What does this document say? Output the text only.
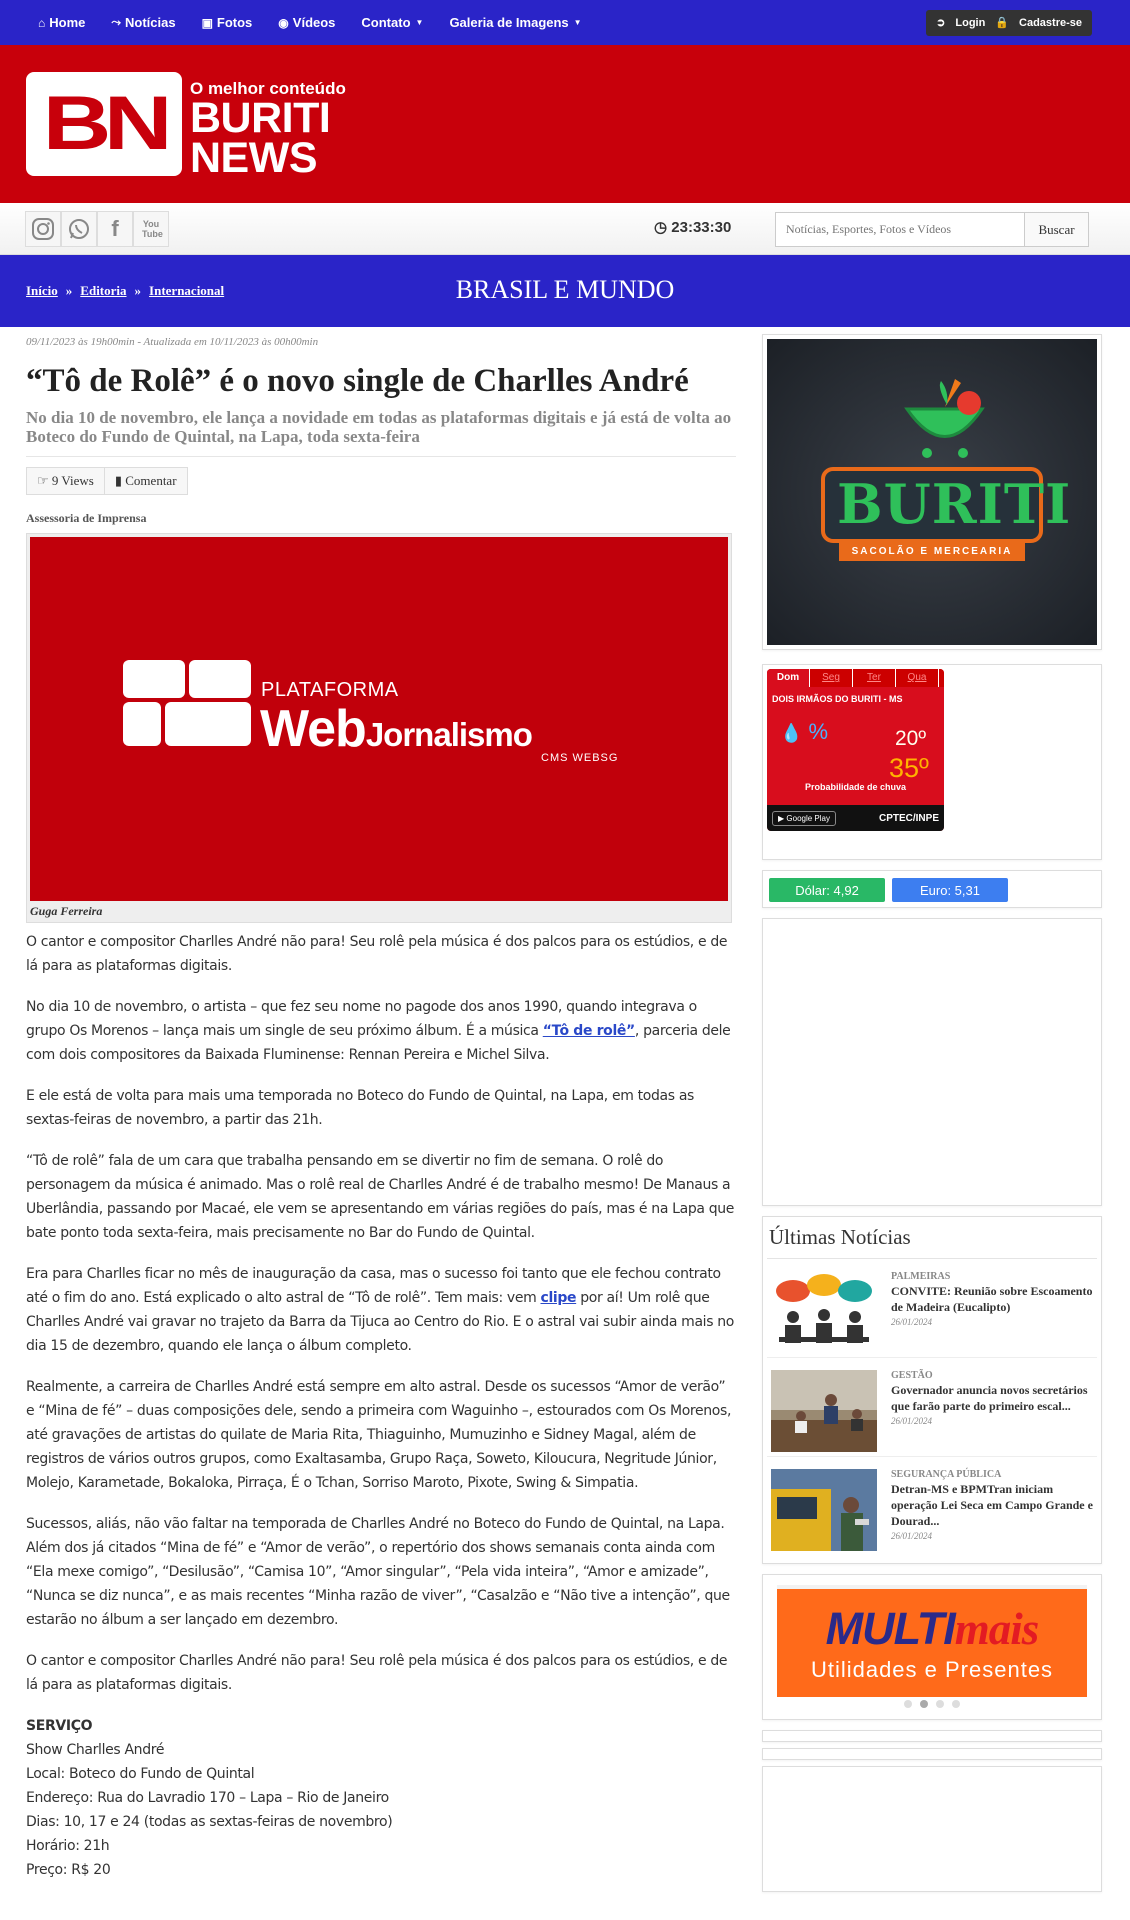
⌂ Home ⤳ Notícias ▣ Fotos ◉ Vídeos Contato ▼ Galeria de Imagens ▼	➲ Login 🔒 Cadastre-se
BN O melhor conteúdo
BURITI
NEWS
f	You Tube	◷ 23:33:30
Notícias, Esportes, Fotos e Vídeos	Buscar
Início » Editoria » Internacional	BRASIL E MUNDO
09/11/2023 às 19h00min - Atualizada em 10/11/2023 às 00h00min
“Tô de Rolê” é o novo single de Charlles André
No dia 10 de novembro, ele lança a novidade em todas as plataformas digitais e já está de volta ao Boteco do Fundo de Quintal, na Lapa, toda sexta-feira
☞
9 Views ▮
Comentar
Assessoria de Imprensa
PLATAFORMA
WebJornalismo
CMS WEBSG
Guga Ferreira

O cantor e compositor Charlles André não para! Seu rolê pela música é dos palcos para os estúdios, e de lá para as plataformas digitais.

No dia 10 de novembro, o artista – que fez seu nome no pagode dos anos 1990, quando integrava o grupo Os Morenos – lança mais um single de seu próximo álbum. É a música “Tô de rolê”, parceria dele com dois compositores da Baixada Fluminense: Rennan Pereira e Michel Silva.

E ele está de volta para mais uma temporada no Boteco do Fundo de Quintal, na Lapa, em todas as sextas-feiras de novembro, a partir das 21h.

“Tô de rolê” fala de um cara que trabalha pensando em se divertir no fim de semana. O rolê do personagem da música é animado. Mas o rolê real de Charlles André é de trabalho mesmo! De Manaus a Uberlândia, passando por Macaé, ele vem se apresentando em várias regiões do país, mas é na Lapa que bate ponto toda sexta-feira, mais precisamente no Bar do Fundo de Quintal.

Era para Charlles ficar no mês de inauguração da casa, mas o sucesso foi tanto que ele fechou contrato até o fim do ano. Está explicado o alto astral de “Tô de rolê”. Tem mais: vem clipe por aí! Um rolê que Charlles André vai gravar no trajeto da Barra da Tijuca ao Centro do Rio. E o astral vai subir ainda mais no dia 15 de dezembro, quando ele lança o álbum completo.

Realmente, a carreira de Charlles André está sempre em alto astral. Desde os sucessos “Amor de verão” e “Mina de fé” – duas composições dele, sendo a primeira com Waguinho –, estourados com Os Morenos, até gravações de artistas do quilate de Maria Rita, Thiaguinho, Mumuzinho e Sidney Magal, além de registros de vários outros grupos, como Exaltasamba, Grupo Raça, Soweto, Kiloucura, Negritude Júnior, Molejo, Karametade, Bokaloka, Pirraça, É o Tchan, Sorriso Maroto, Pixote, Swing & Simpatia.

Sucessos, aliás, não vão faltar na temporada de Charlles André no Boteco do Fundo de Quintal, na Lapa. Além dos já citados “Mina de fé” e “Amor de verão”, o repertório dos shows semanais conta ainda com “Ela mexe comigo”, “Desilusão”, “Camisa 10”, “Amor singular”, “Pela vida inteira”, “Amor e amizade”, “Nunca se diz nunca”, e as mais recentes “Minha razão de viver”, “Casalzão e “Não tive a intenção”, que estarão no álbum a ser lançado em dezembro.

O cantor e compositor Charlles André não para! Seu rolê pela música é dos palcos para os estúdios, e de lá para as plataformas digitais.

SERVIÇO
Show Charlles André
Local: Boteco do Fundo de Quintal
Endereço: Rua do Lavradio 170 – Lapa – Rio de Janeiro
Dias: 10, 17 e 24 (todas as sextas-feiras de novembro)
Horário: 21h
Preço: R$ 20
BURITI
SACOLÃO E MERCEARIA
Dom	Seg	Ter	Qua
DOIS IRMÃOS DO BURITI - MS
💧 %	20º
35º
Probabilidade de chuva
▶ Google Play	CPTEC/INPE
Dólar: 4,92	Euro: 5,31
Últimas Notícias
PALMEIRAS
CONVITE: Reunião sobre Escoamento de Madeira (Eucalipto)
26/01/2024
GESTÃO
Governador anuncia novos secretários que farão parte do primeiro escal...
26/01/2024
SEGURANÇA PÚBLICA
Detran-MS e BPMTran iniciam operação Lei Seca em Campo Grande e Dourad...
26/01/2024
MULTImais
Utilidades e Presentes
